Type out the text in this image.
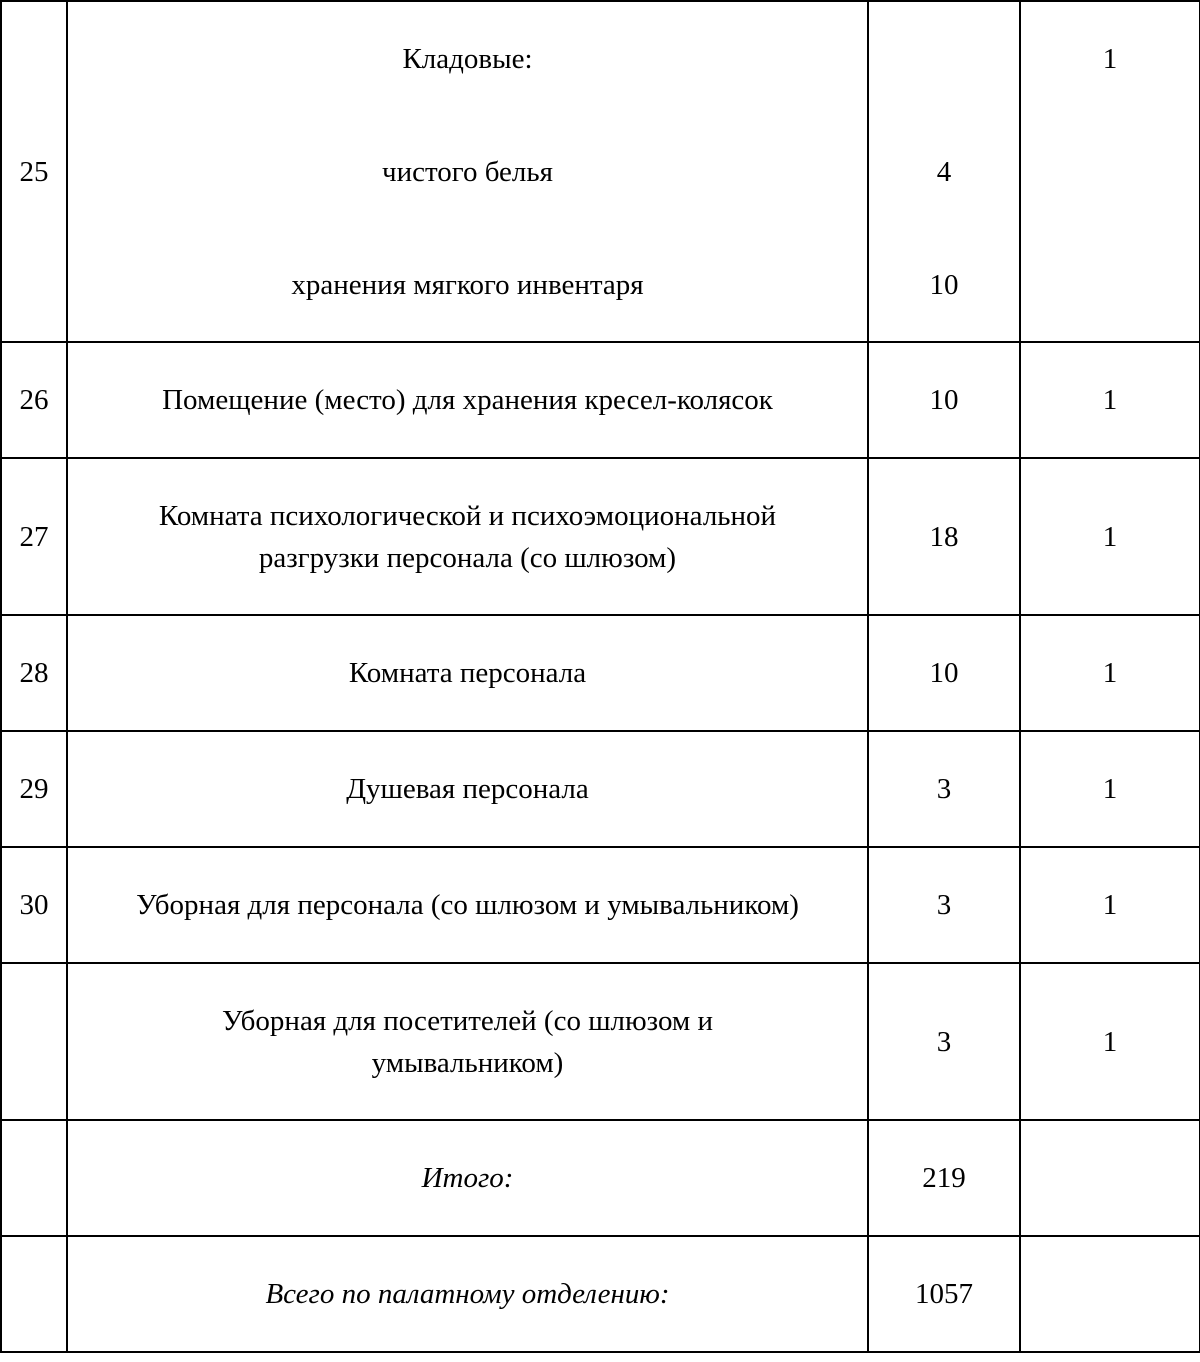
	Кладовые:		1
25	чистого белья	4	
	хранения мягкого инвентаря	10	
26	Помещение (место) для хранения кресел-колясок	10	1
27	Комната психологической и психоэмоциональной
разгрузки персонала (со шлюзом)	18	1
28	Комната персонала	10	1
29	Душевая персонала	3	1
30	Уборная для персонала (со шлюзом и умывальником)	3	1
	Уборная для посетителей (со шлюзом и
умывальником)	3	1
	Итого:	219	
	Всего по палатному отделению:	1057	
